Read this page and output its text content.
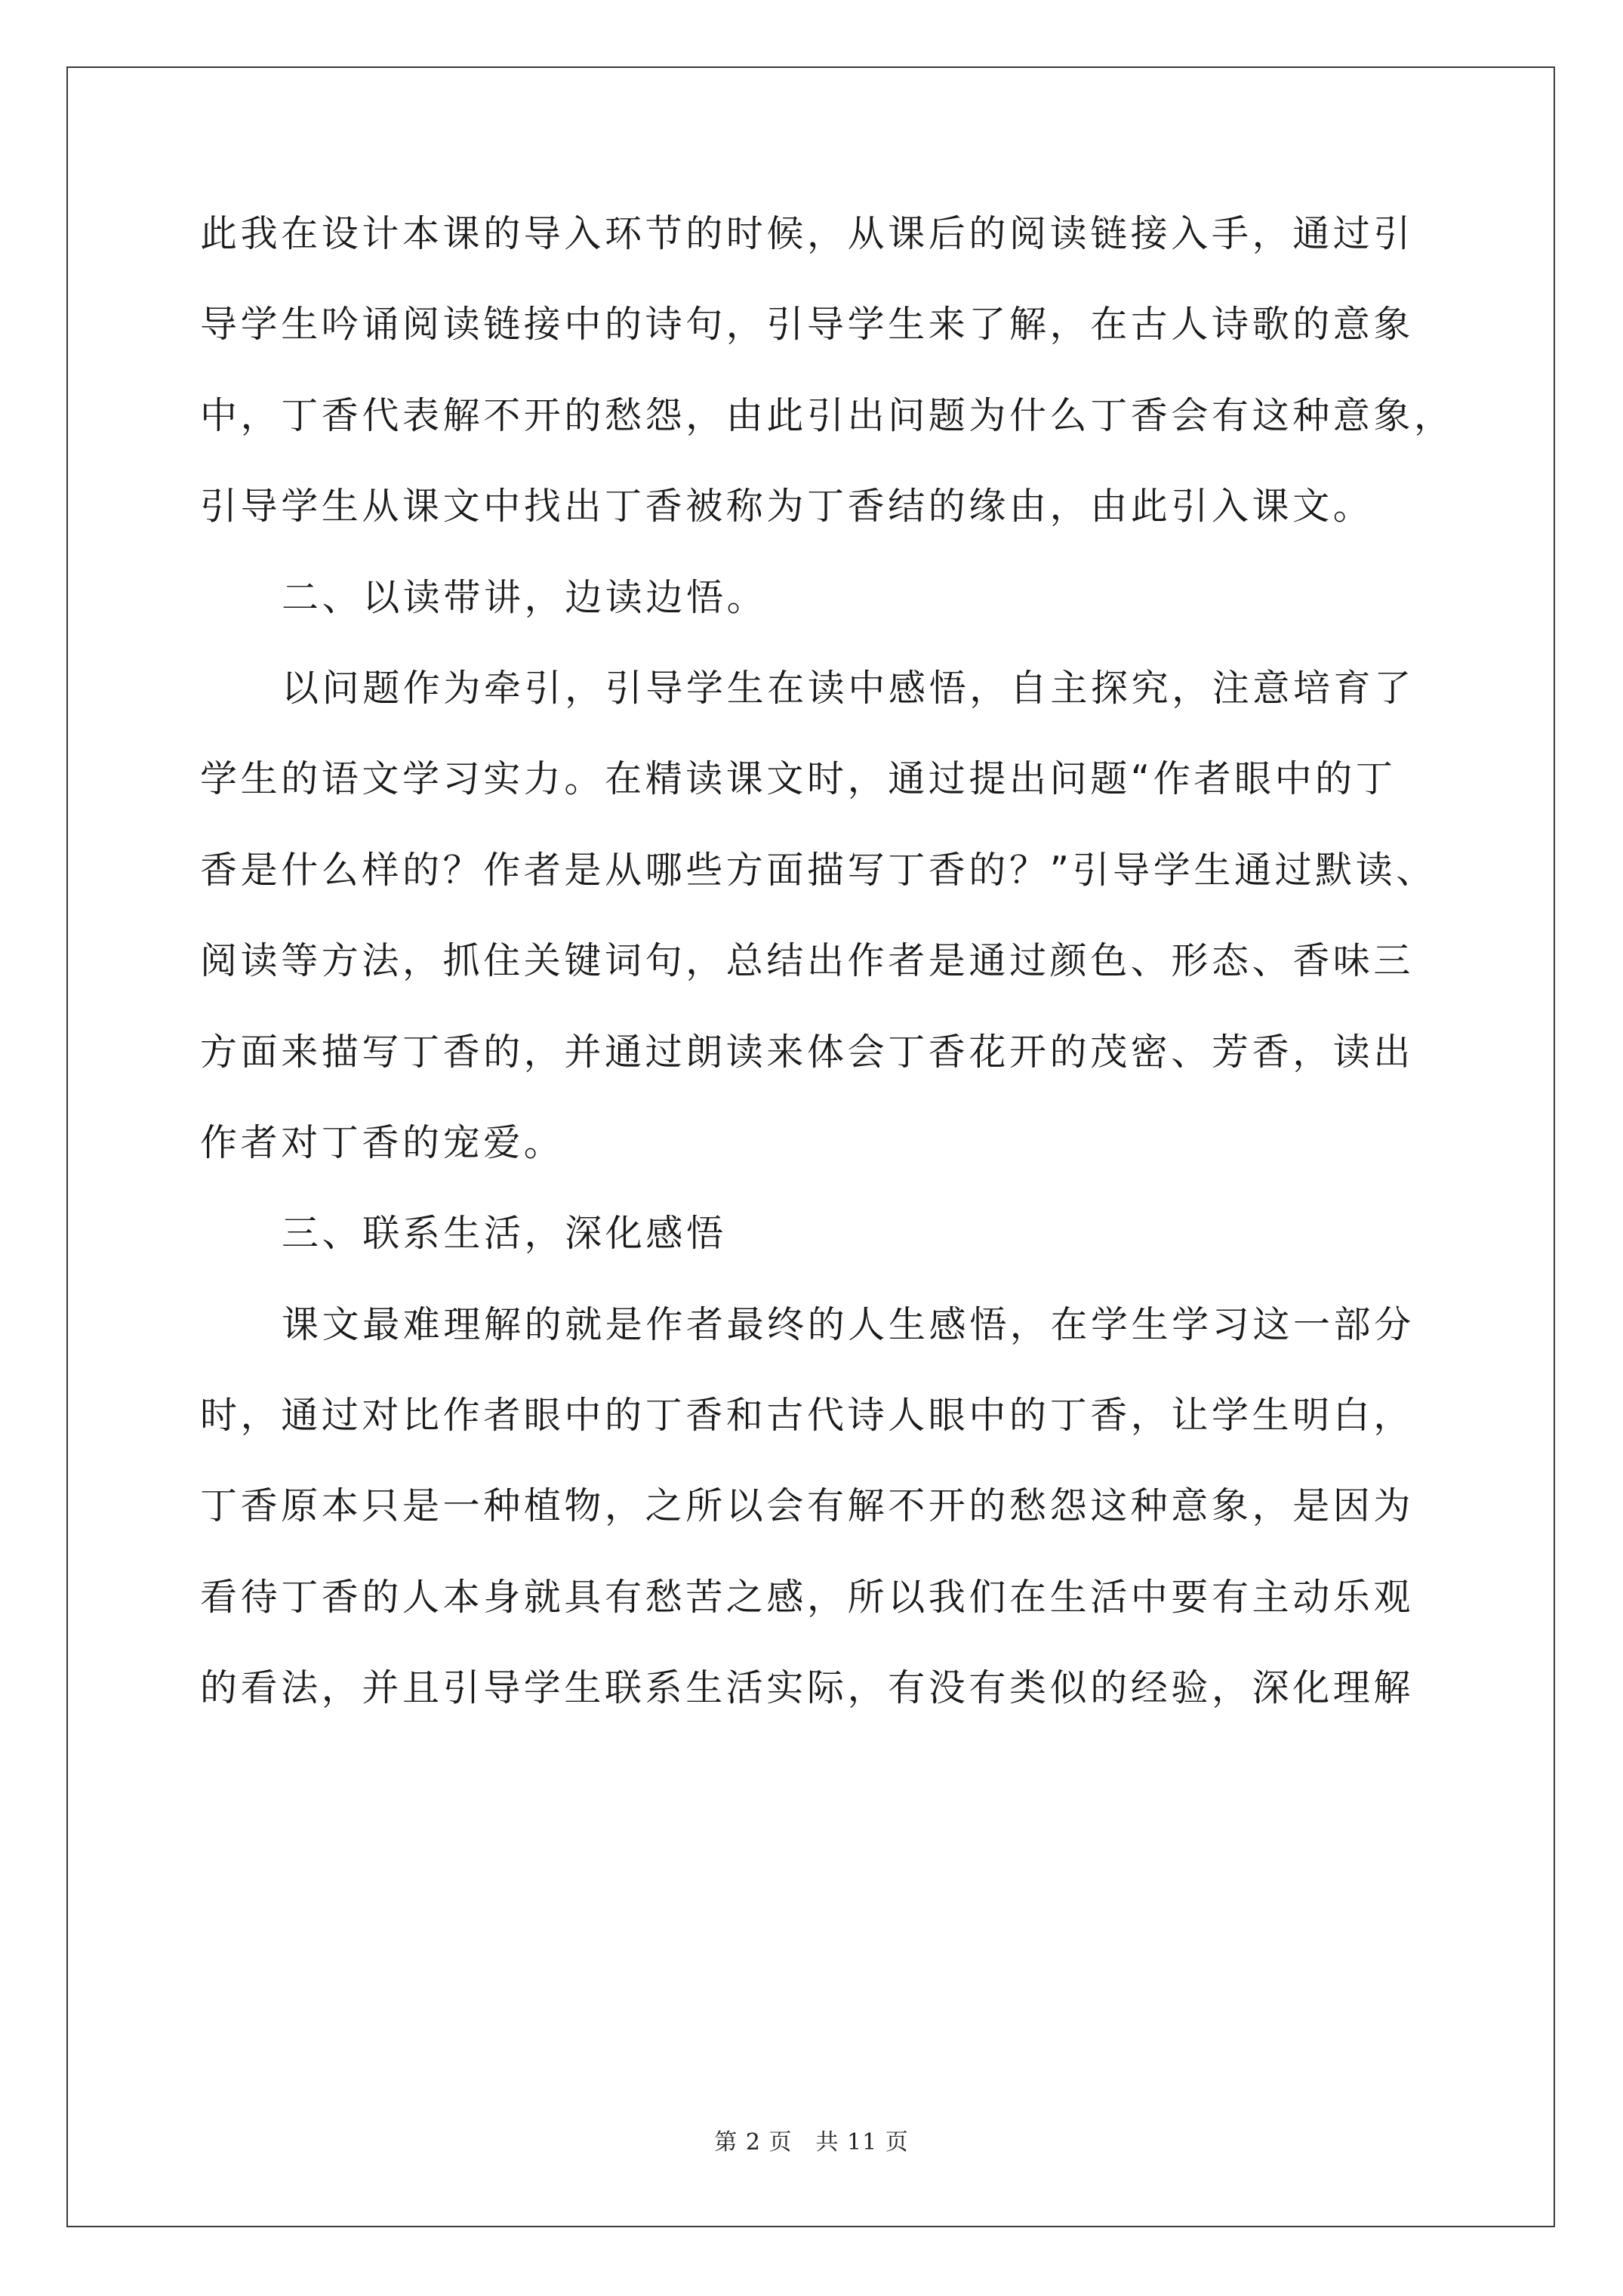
此我在设计本课的导入环节的时候，从课后的阅读链接入手，通过引
导学生吟诵阅读链接中的诗句，引导学生来了解，在古人诗歌的意象
中，丁香代表解不开的愁怨，由此引出问题为什么丁香会有这种意象，
引导学生从课文中找出丁香被称为丁香结的缘由，由此引入课文。
二、以读带讲，边读边悟。
以问题作为牵引，引导学生在读中感悟，自主探究，注意培育了
学生的语文学习实力。在精读课文时，通过提出问题“作者眼中的丁
香是什么样的？作者是从哪些方面描写丁香的？”引导学生通过默读、
阅读等方法，抓住关键词句，总结出作者是通过颜色、形态、香味三
方面来描写丁香的，并通过朗读来体会丁香花开的茂密、芳香，读出
作者对丁香的宠爱。
三、联系生活，深化感悟
课文最难理解的就是作者最终的人生感悟，在学生学习这一部分
时，通过对比作者眼中的丁香和古代诗人眼中的丁香，让学生明白，
丁香原本只是一种植物，之所以会有解不开的愁怨这种意象，是因为
看待丁香的人本身就具有愁苦之感，所以我们在生活中要有主动乐观
的看法，并且引导学生联系生活实际，有没有类似的经验，深化理解
第 2 页　共 11 页
